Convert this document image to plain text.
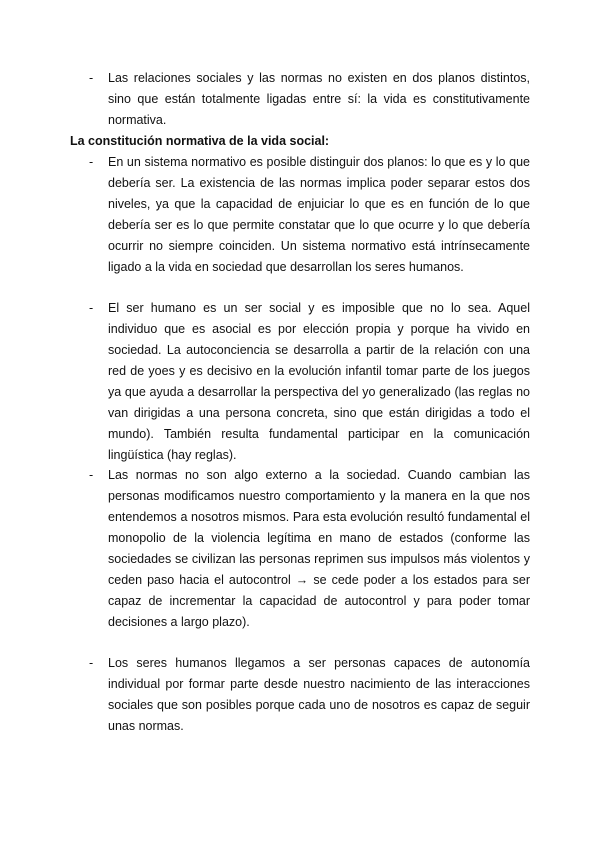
- Las relaciones sociales y las normas no existen en dos planos distintos, sino que están totalmente ligadas entre sí: la vida es constitutivamente normativa.
La constitución normativa de la vida social:
- En un sistema normativo es posible distinguir dos planos: lo que es y lo que debería ser. La existencia de las normas implica poder separar estos dos niveles, ya que la capacidad de enjuiciar lo que es en función de lo que debería ser es lo que permite constatar que lo que ocurre y lo que debería ocurrir no siempre coinciden. Un sistema normativo está intrínsecamente ligado a la vida en sociedad que desarrollan los seres humanos.
- El ser humano es un ser social y es imposible que no lo sea. Aquel individuo que es asocial es por elección propia y porque ha vivido en sociedad. La autoconciencia se desarrolla a partir de la relación con una red de yoes y es decisivo en la evolución infantil tomar parte de los juegos ya que ayuda a desarrollar la perspectiva del yo generalizado (las reglas no van dirigidas a una persona concreta, sino que están dirigidas a todo el mundo). También resulta fundamental participar en la comunicación lingüística (hay reglas).
- Las normas no son algo externo a la sociedad. Cuando cambian las personas modificamos nuestro comportamiento y la manera en la que nos entendemos a nosotros mismos. Para esta evolución resultó fundamental el monopolio de la violencia legítima en mano de estados (conforme las sociedades se civilizan las personas reprimen sus impulsos más violentos y ceden paso hacia el autocontrol → se cede poder a los estados para ser capaz de incrementar la capacidad de autocontrol y para poder tomar decisiones a largo plazo).
- Los seres humanos llegamos a ser personas capaces de autonomía individual por formar parte desde nuestro nacimiento de las interacciones sociales que son posibles porque cada uno de nosotros es capaz de seguir unas normas.
